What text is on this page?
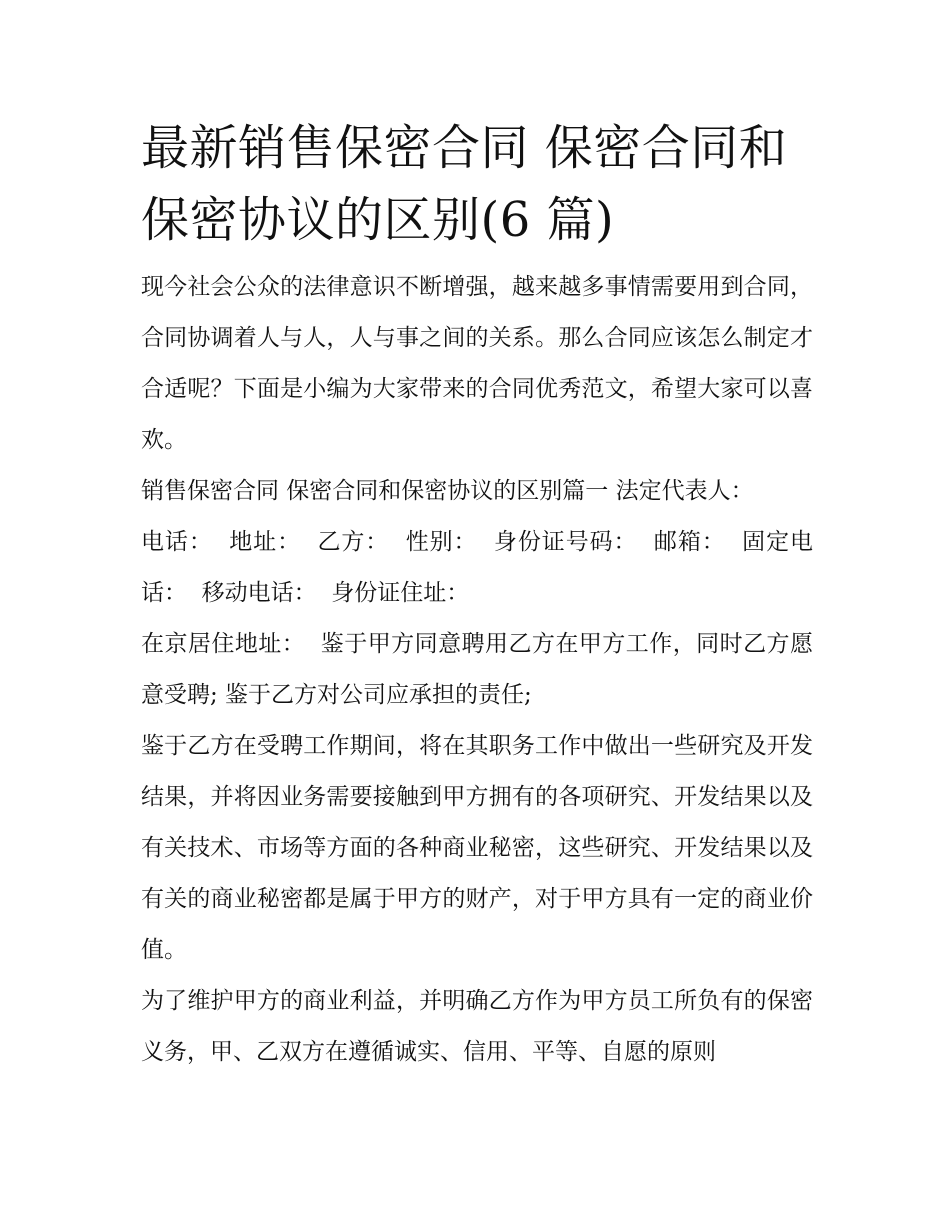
最新销售保密合同 保密合同和保密协议的区别(6 篇)

现今社会公众的法律意识不断增强，越来越多事情需要用到合同，合同协调着人与人，人与事之间的关系。那么合同应该怎么制定才合适呢？下面是小编为大家带来的合同优秀范文，希望大家可以喜欢。

销售保密合同 保密合同和保密协议的区别篇一 法定代表人：

电话：  地址：  乙方：  性别：  身份证号码：  邮箱：  固定电话：  移动电话：  身份证住址：

在京居住地址：  鉴于甲方同意聘用乙方在甲方工作，同时乙方愿意受聘; 鉴于乙方对公司应承担的责任;

鉴于乙方在受聘工作期间，将在其职务工作中做出一些研究及开发结果，并将因业务需要接触到甲方拥有的各项研究、开发结果以及有关技术、市场等方面的各种商业秘密，这些研究、开发结果以及有关的商业秘密都是属于甲方的财产，对于甲方具有一定的商业价值。

为了维护甲方的商业利益，并明确乙方作为甲方员工所负有的保密义务，甲、乙双方在遵循诚实、信用、平等、自愿的原则
